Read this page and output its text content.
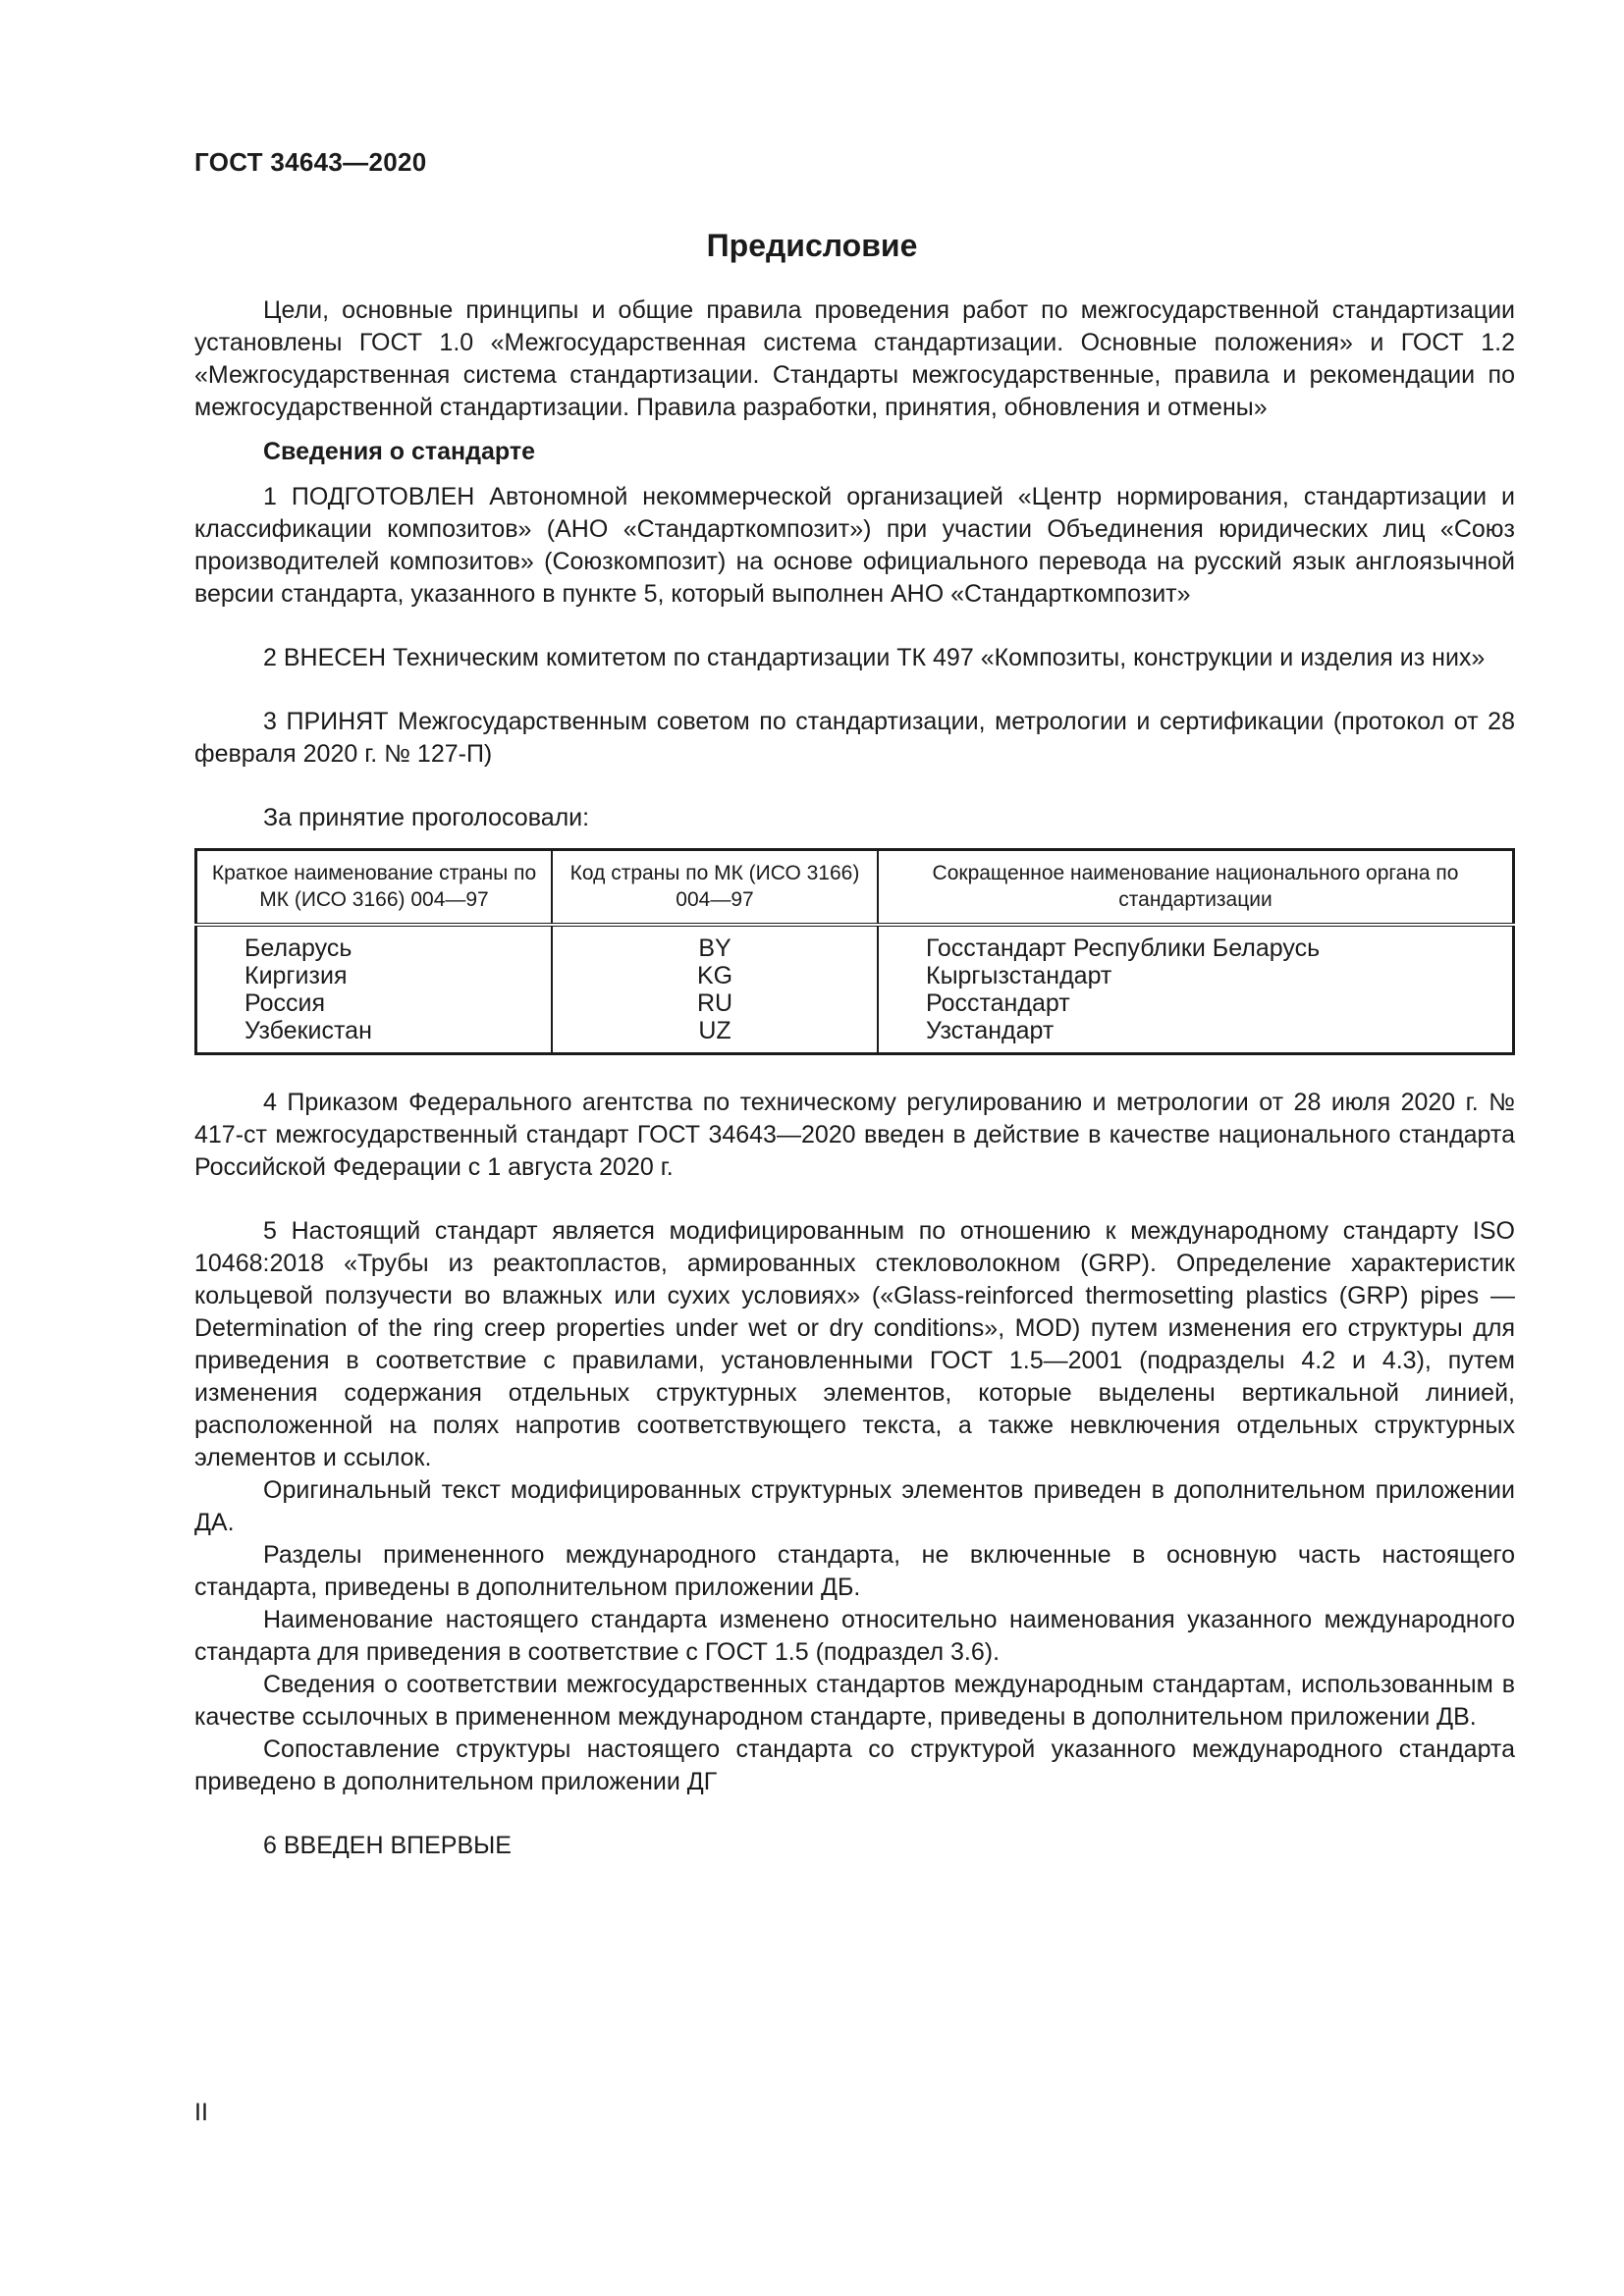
ГОСТ 34643—2020
Предисловие

Цели, основные принципы и общие правила проведения работ по межгосударственной стандартизации установлены ГОСТ 1.0 «Межгосударственная система стандартизации. Основные положения» и ГОСТ 1.2 «Межгосударственная система стандартизации. Стандарты межгосударственные, правила и рекомендации по межгосударственной стандартизации. Правила разработки, принятия, обновления и отмены»

Сведения о стандарте

1 ПОДГОТОВЛЕН Автономной некоммерческой организацией «Центр нормирования, стандартизации и классификации композитов» (АНО «Стандарткомпозит») при участии Объединения юридических лиц «Союз производителей композитов» (Союзкомпозит) на основе официального перевода на русский язык англоязычной версии стандарта, указанного в пункте 5, который выполнен АНО «Стандарткомпозит»

2 ВНЕСЕН Техническим комитетом по стандартизации ТК 497 «Композиты, конструкции и изделия из них»

3 ПРИНЯТ Межгосударственным советом по стандартизации, метрологии и сертификации (протокол от 28 февраля 2020 г. № 127-П)

За принятие проголосовали:

Краткое наименование страны по МК (ИСО 3166) 004—97	Код страны по МК (ИСО 3166) 004—97	Сокращенное наименование национального органа по стандартизации
Беларусь	BY	Госстандарт Республики Беларусь
Киргизия	KG	Кыргызстандарт
Россия	RU	Росстандарт
Узбекистан	UZ	Узстандарт

4 Приказом Федерального агентства по техническому регулированию и метрологии от 28 июля 2020 г. № 417-ст межгосударственный стандарт ГОСТ 34643—2020 введен в действие в качестве национального стандарта Российской Федерации с 1 августа 2020 г.

5 Настоящий стандарт является модифицированным по отношению к международному стандарту ISO 10468:2018 «Трубы из реактопластов, армированных стекловолокном (GRP). Определение характеристик кольцевой ползучести во влажных или сухих условиях» («Glass-reinforced thermosetting plastics (GRP) pipes — Determination of the ring creep properties under wet or dry conditions», MOD) путем изменения его структуры для приведения в соответствие с правилами, установленными ГОСТ 1.5—2001 (подразделы 4.2 и 4.3), путем изменения содержания отдельных структурных элементов, которые выделены вертикальной линией, расположенной на полях напротив соответствующего текста, а также невключения отдельных структурных элементов и ссылок.

Оригинальный текст модифицированных структурных элементов приведен в дополнительном приложении ДА.

Разделы примененного международного стандарта, не включенные в основную часть настоящего стандарта, приведены в дополнительном приложении ДБ.

Наименование настоящего стандарта изменено относительно наименования указанного международного стандарта для приведения в соответствие с ГОСТ 1.5 (подраздел 3.6).

Сведения о соответствии межгосударственных стандартов международным стандартам, использованным в качестве ссылочных в примененном международном стандарте, приведены в дополнительном приложении ДВ.

Сопоставление структуры настоящего стандарта со структурой указанного международного стандарта приведено в дополнительном приложении ДГ

6 ВВЕДЕН ВПЕРВЫЕ

II
